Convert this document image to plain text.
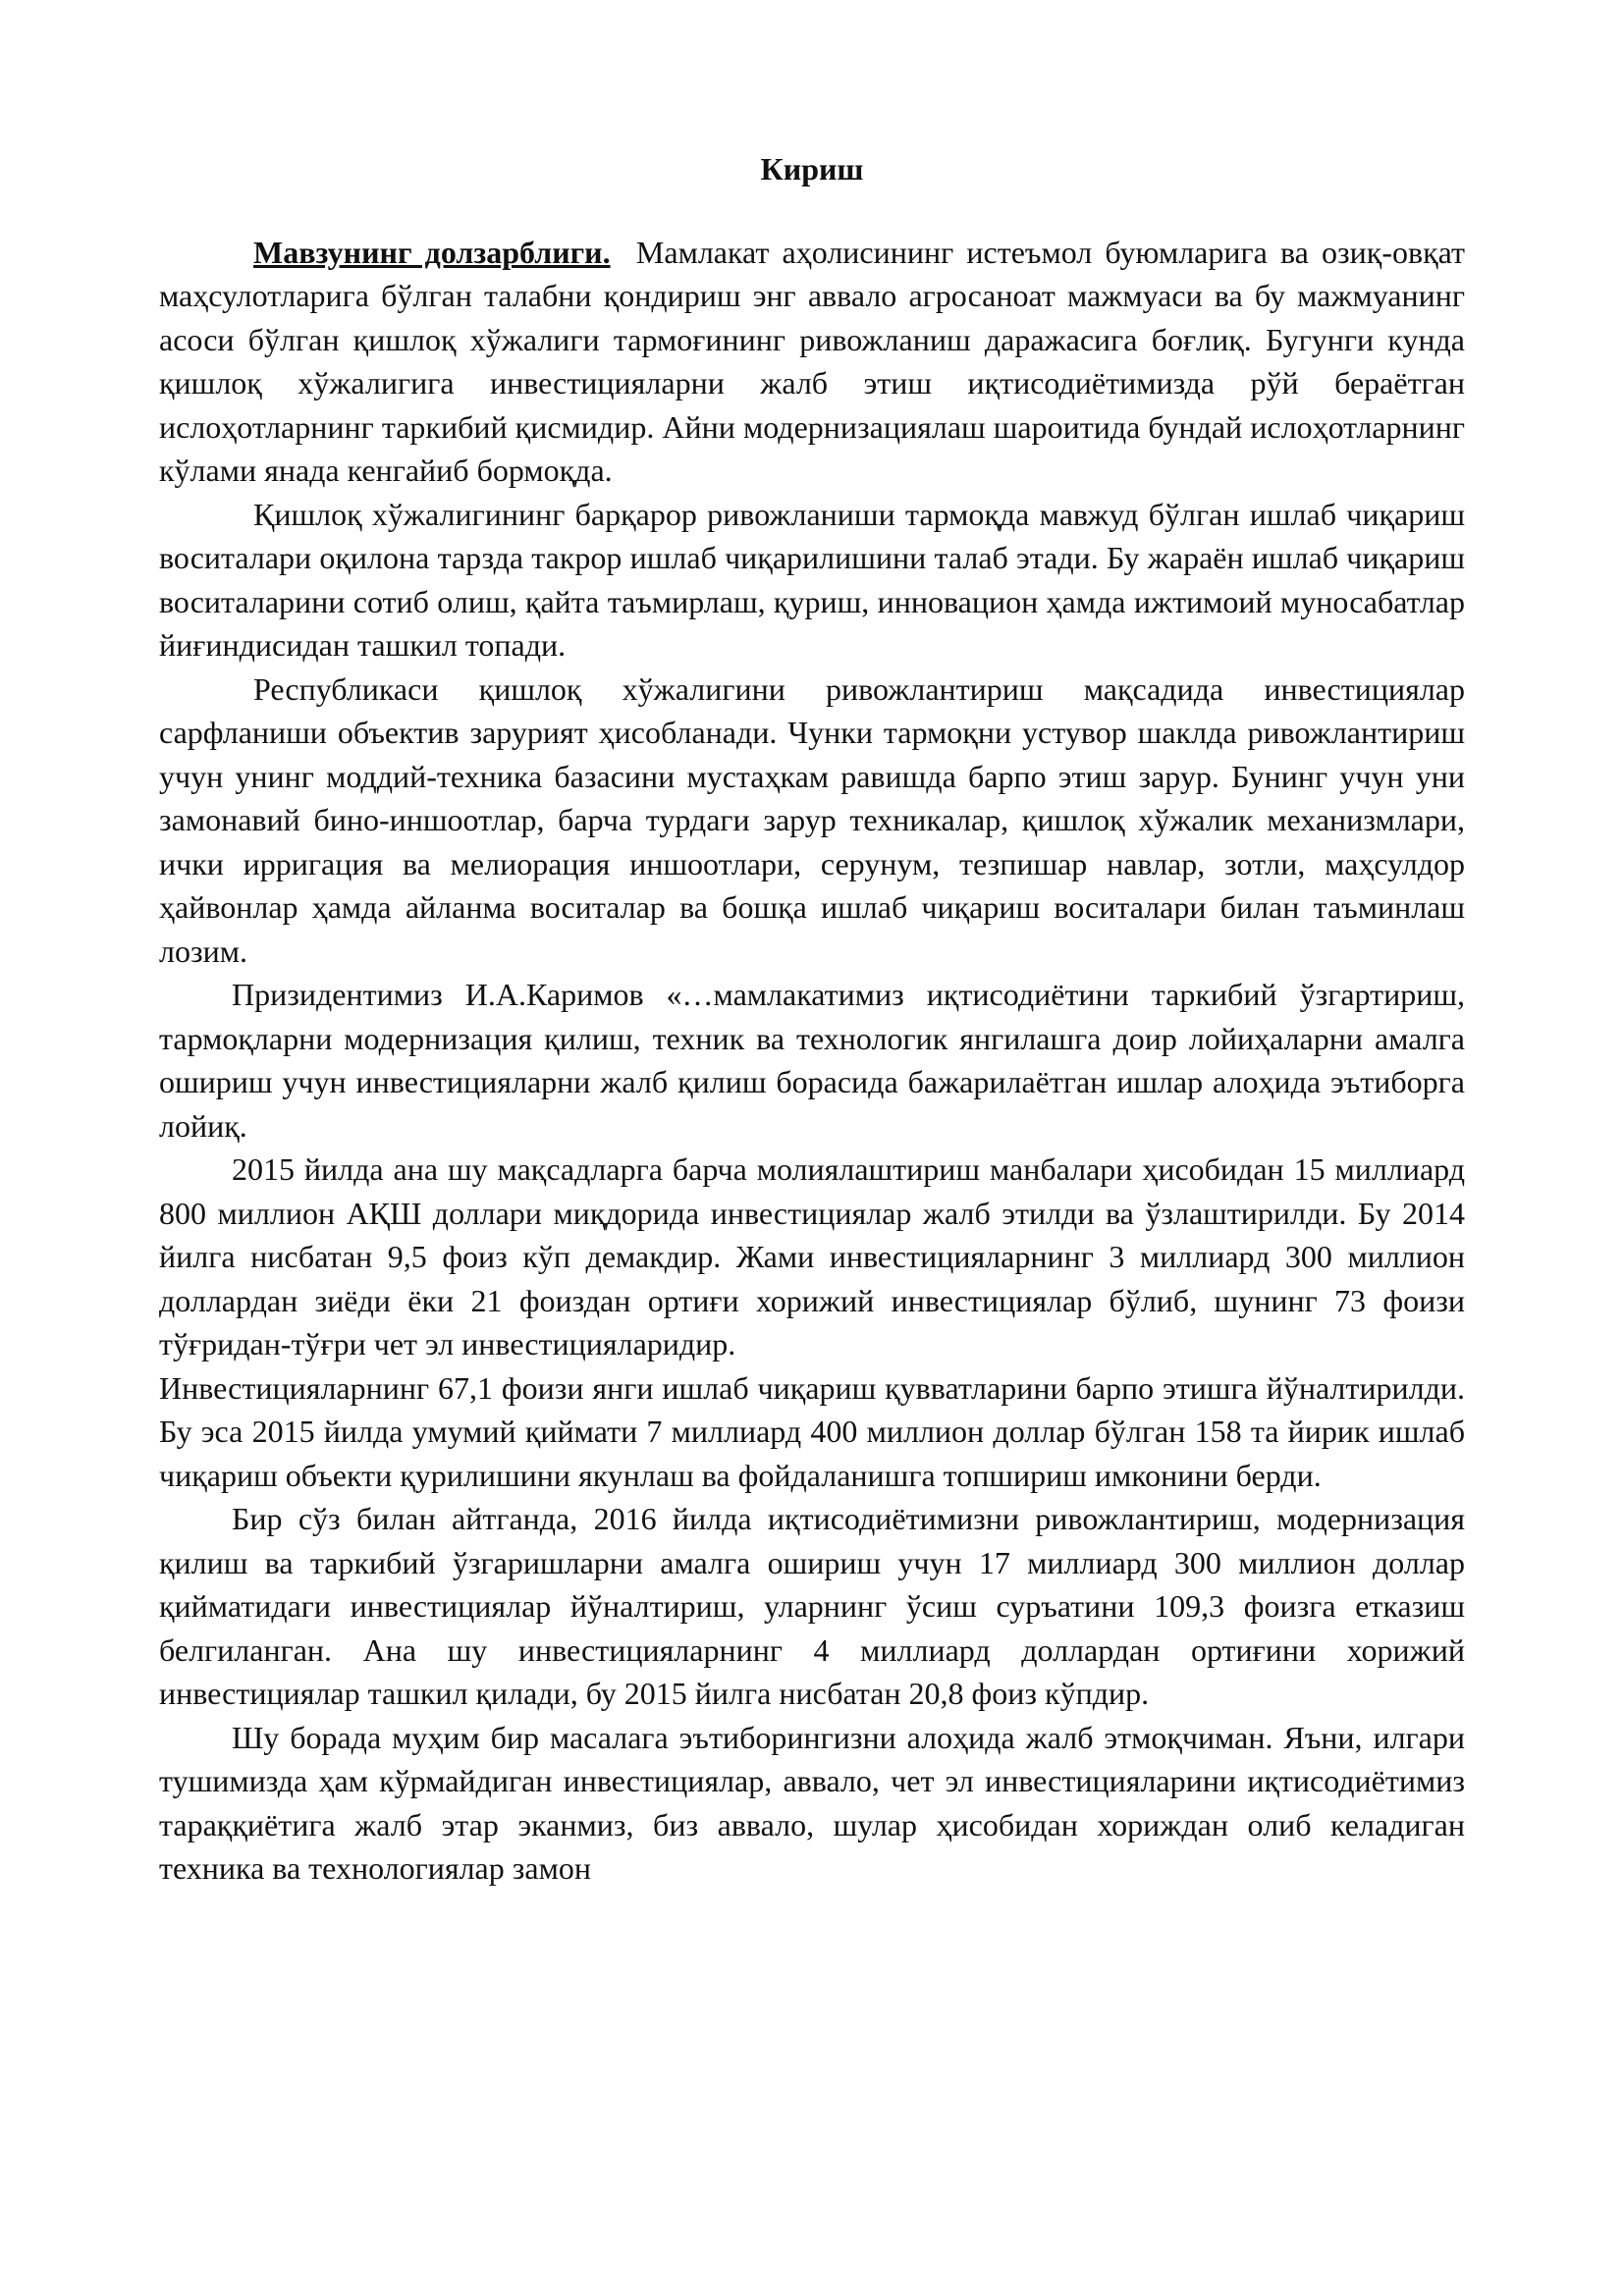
Кириш

Мавзунинг долзарблиги. Мамлакат аҳолисининг истеъмол буюмларига ва озиқ-овқат маҳсулотларига бўлган талабни қондириш энг аввало агросаноат мажмуаси ва бу мажмуанинг асоси бўлган қишлоқ хўжалиги тармоғининг ривожланиш даражасига боғлиқ. Бугунги кунда қишлоқ хўжалигига инвестицияларни жалб этиш иқтисодиётимизда рўй бераётган ислоҳотларнинг таркибий қисмидир. Айни модернизациялаш шароитида бундай ислоҳотларнинг кўлами янада кенгайиб бормоқда.

Қишлоқ хўжалигининг барқарор ривожланиши тармоқда мавжуд бўлган ишлаб чиқариш воситалари оқилона тарзда такрор ишлаб чиқарилишини талаб этади. Бу жараён ишлаб чиқариш воситаларини сотиб олиш, қайта таъмирлаш, қуриш, инновацион ҳамда ижтимоий муносабатлар йиғиндисидан ташкил топади.

Республикаси қишлоқ хўжалигини ривожлантириш мақсадида инвестициялар сарфланиши объектив зарурият ҳисобланади. Чунки тармоқни устувор шаклда ривожлантириш учун унинг моддий-техника базасини мустаҳкам равишда барпо этиш зарур. Бунинг учун уни замонавий бино-иншоотлар, барча турдаги зарур техникалар, қишлоқ хўжалик механизмлари, ички ирригация ва мелиорация иншоотлари, серунум, тезпишар навлар, зотли, маҳсулдор ҳайвонлар ҳамда айланма воситалар ва бошқа ишлаб чиқариш воситалари билан таъминлаш лозим.

Призидентимиз И.А.Каримов «…мамлакатимиз иқтисодиётини таркибий ўзгартириш, тармоқларни модернизация қилиш, техник ва технологик янгилашга доир лойиҳаларни амалга ошириш учун инвестицияларни жалб қилиш борасида бажарилаётган ишлар алоҳида эътиборга лойиқ.

2015 йилда ана шу мақсадларга барча молиялаштириш манбалари ҳисобидан 15 миллиард 800 миллион АҚШ доллари миқдорида инвестициялар жалб этилди ва ўзлаштирилди. Бу 2014 йилга нисбатан 9,5 фоиз кўп демакдир. Жами инвестицияларнинг 3 миллиард 300 миллион доллардан зиёди ёки 21 фоиздан ортиғи хорижий инвестициялар бўлиб, шунинг 73 фоизи тўғридан-тўғри чет эл инвестицияларидир.

Инвестицияларнинг 67,1 фоизи янги ишлаб чиқариш қувватларини барпо этишга йўналтирилди. Бу эса 2015 йилда умумий қиймати 7 миллиард 400 миллион доллар бўлган 158 та йирик ишлаб чиқариш объекти қурилишини якунлаш ва фойдаланишга топшириш имконини берди.

Бир сўз билан айтганда, 2016 йилда иқтисодиётимизни ривожлантириш, модернизация қилиш ва таркибий ўзгаришларни амалга ошириш учун 17 миллиард 300 миллион доллар қийматидаги инвестициялар йўналтириш, уларнинг ўсиш суръатини 109,3 фоизга етказиш белгиланган. Ана шу инвестицияларнинг 4 миллиард доллардан ортиғини хорижий инвестициялар ташкил қилади, бу 2015 йилга нисбатан 20,8 фоиз кўпдир.

Шу борада муҳим бир масалага эътиборингизни алоҳида жалб этмоқчиман. Яъни, илгари тушимизда ҳам кўрмайдиган инвестициялар, аввало, чет эл инвестицияларини иқтисодиётимиз тараққиётига жалб этар эканмиз, биз аввало, шулар ҳисобидан хориждан олиб келадиган техника ва технологиялар замон
